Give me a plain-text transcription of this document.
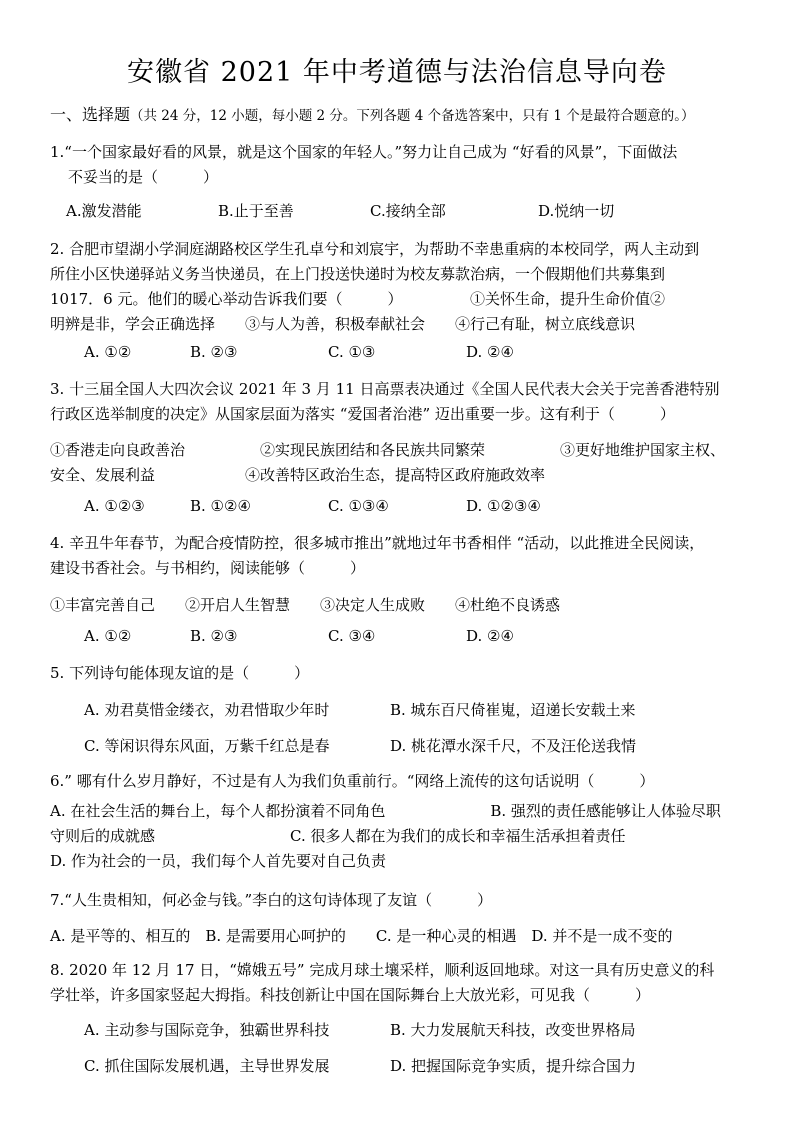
安徽省 2021 年中考道德与法治信息导向卷
一、选择题（共 24 分，12 小题，每小题 2 分。下列各题 4 个备选答案中，只有 1 个是最符合题意的。）

1.“一个国家最好看的风景，就是这个国家的年轻人。”努力让自己成为 “好看的风景”，下面做法

不妥当的是（　　　）

A.激发潜能	B.止于至善	C.接纳全部	D.悦纳一切

2. 合肥市望湖小学洞庭湖路校区学生孔卓兮和刘宸宇，为帮助不幸患重病的本校同学，两人主动到

所住小区快递驿站义务当快递员，在上门投送快递时为校友募款治病，一个假期他们共募集到

1017．6 元。他们的暖心举动告诉我们要（　　　）　　　　　①关怀生命，提升生命价值②

明辨是非，学会正确选择　　③与人为善，积极奉献社会　　④行己有耻，树立底线意识

A. ①②	B. ②③	C. ①③	D. ②④

3. 十三届全国人大四次会议 2021 年 3 月 11 日高票表决通过《全国人民代表大会关于完善香港特别

行政区选举制度的决定》从国家层面为落实 “爱国者治港” 迈出重要一步。这有利于（　　　）

①香港走向良政善治　　　　　②实现民族团结和各民族共同繁荣　　　　　③更好地维护国家主权、

安全、发展利益　　　　　　④改善特区政治生态，提高特区政府施政效率

A. ①②③	B. ①②④	C. ①③④	D. ①②③④

4. 辛丑牛年春节，为配合疫情防控，很多城市推出”就地过年书香相伴 “活动，以此推进全民阅读，

建设书香社会。与书相约，阅读能够（　　　）

①丰富完善自己　　②开启人生智慧　　③决定人生成败　　④杜绝不良诱惑

A. ①②	B. ②③	C. ③④	D. ②④

5. 下列诗句能体现友谊的是（　　　）

A. 劝君莫惜金缕衣，劝君惜取少年时	B. 城东百尺倚崔嵬，迢递长安载土来
C. 等闲识得东风面，万紫千红总是春	D. 桃花潭水深千尺，不及汪伦送我情

6.” 哪有什么岁月静好，不过是有人为我们负重前行。“网络上流传的这句话说明（　　　）

A. 在社会生活的舞台上，每个人都扮演着不同角色　　　　　　　B. 强烈的责任感能够让人体验尽职

守则后的成就感　　　　　　　　　C. 很多人都在为我们的成长和幸福生活承担着责任

D. 作为社会的一员，我们每个人首先要对自己负责

7.“人生贵相知，何必金与钱。”李白的这句诗体现了友谊（　　　）

A. 是平等的、相互的　B. 是需要用心呵护的　　C. 是一种心灵的相遇　D. 并不是一成不变的

8. 2020 年 12 月 17 日，“嫦娥五号” 完成月球土壤采样，顺利返回地球。对这一具有历史意义的科

学壮举，许多国家竖起大拇指。科技创新让中国在国际舞台上大放光彩，可见我（　　　）

A. 主动参与国际竞争，独霸世界科技	B. 大力发展航天科技，改变世界格局
C. 抓住国际发展机遇，主导世界发展	D. 把握国际竞争实质，提升综合国力
